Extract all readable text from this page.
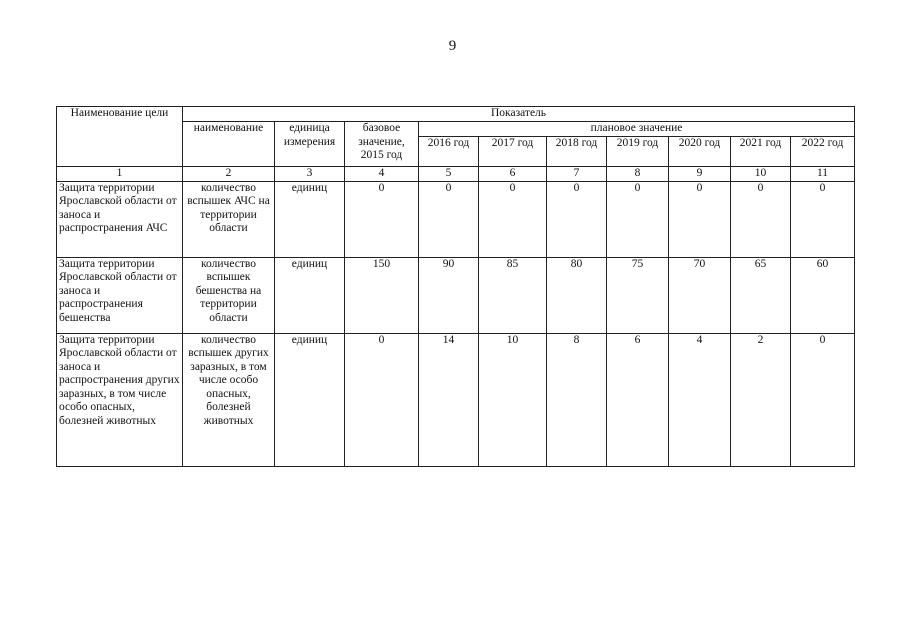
9
Наименование цели	Показатель									
	наименование	единица измерения	базовое значение, 2015 год	плановое значение						
				2016 год	2017 год	2018 год	2019 год	2020 год	2021 год	2022 год
1	2	3	4	5	6	7	8	9	10	11
Защита территории Ярославской области от заноса и распространения АЧС	количество вспышек АЧС на территории области	единиц	0	0	0	0	0	0	0	0
Защита территории Ярославской области от заноса и распространения бешенства	количество вспышек бешенства на территории области	единиц	150	90	85	80	75	70	65	60
Защита территории Ярославской области от заноса и распространения других заразных, в том числе особо опасных, болезней животных	количество вспышек других заразных, в том числе особо опасных, болезней животных	единиц	0	14	10	8	6	4	2	0
